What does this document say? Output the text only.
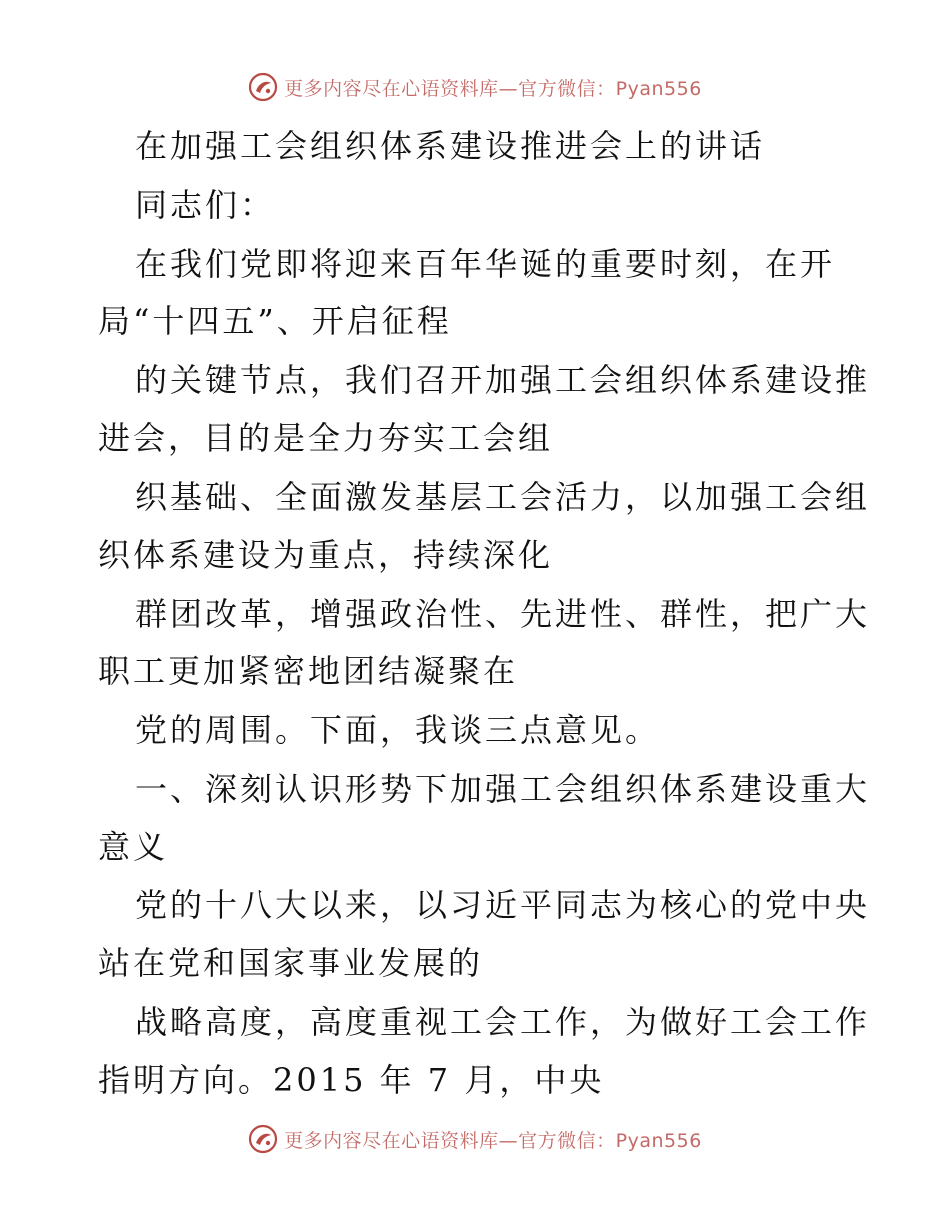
更多内容尽在心语资料库—官方微信：Pyan556
在加强工会组织体系建设推进会上的讲话
同志们：
在我们党即将迎来百年华诞的重要时刻，在开
局“十四五”、开启征程
的关键节点，我们召开加强工会组织体系建设推
进会，目的是全力夯实工会组
织基础、全面激发基层工会活力，以加强工会组
织体系建设为重点，持续深化
群团改革，增强政治性、先进性、群性，把广大
职工更加紧密地团结凝聚在
党的周围。下面，我谈三点意见。
一、深刻认识形势下加强工会组织体系建设重大
意义
党的十八大以来，以习近平同志为核心的党中央
站在党和国家事业发展的
战略高度，高度重视工会工作，为做好工会工作
指明方向。2015 年 7 月，中央
更多内容尽在心语资料库—官方微信：Pyan556
